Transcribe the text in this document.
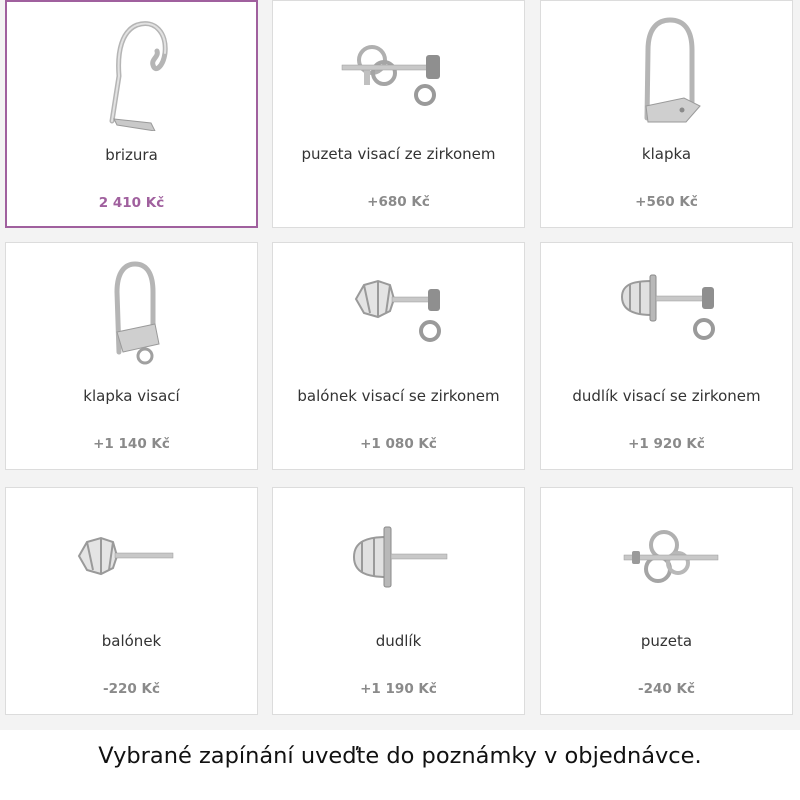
brizura
2 410 Kč
puzeta visací ze zirkonem
+680 Kč
klapka
+560 Kč
klapka visací
+1 140 Kč
balónek visací se zirkonem
+1 080 Kč
dudlík visací se zirkonem
+1 920 Kč
balónek
-220 Kč
dudlík
+1 190 Kč
puzeta
-240 Kč
Vybrané zapínání uveďte do poznámky v objednávce.
